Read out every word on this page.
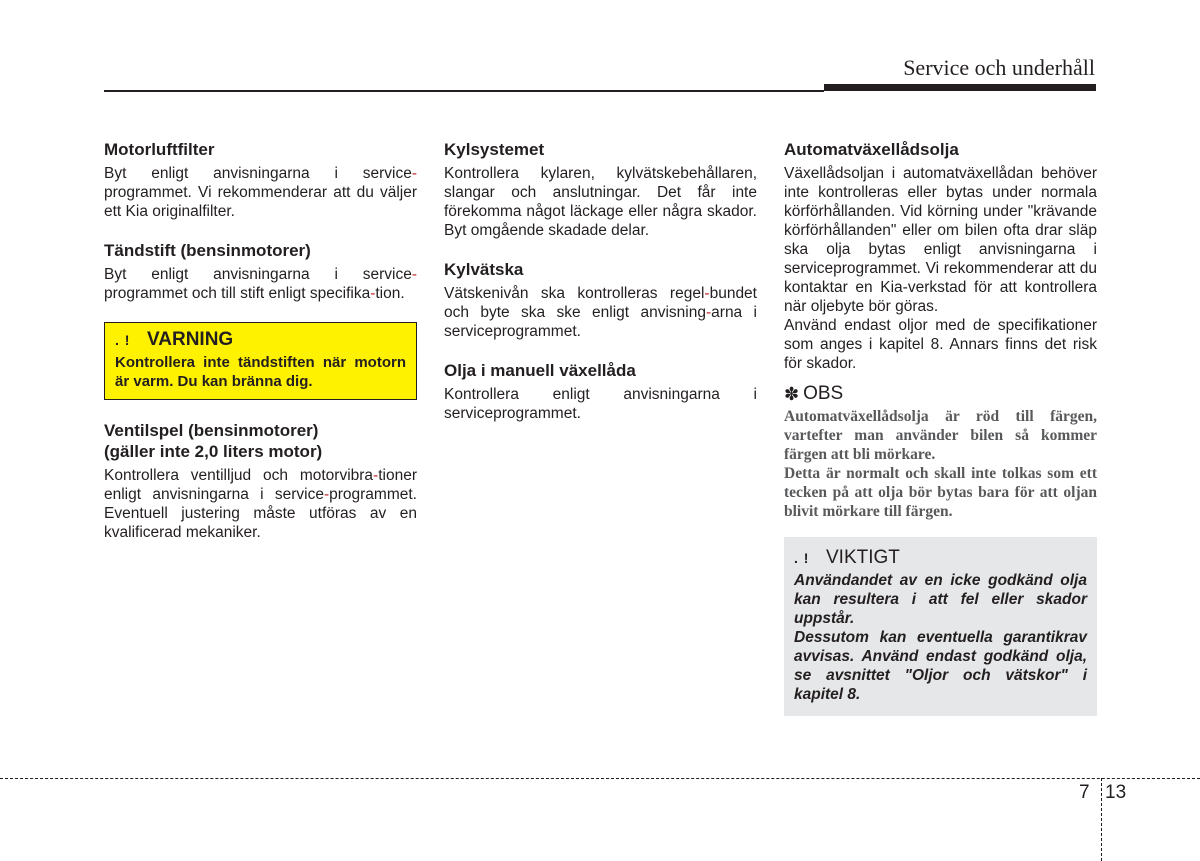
Service och underhåll
Motorluftfilter

Byt enligt anvisningarna i service-programmet. Vi rekommenderar att du väljer ett Kia originalfilter.

Tändstift (bensinmotorer)

Byt enligt anvisningarna i service-programmet och till stift enligt specifika-tion.

. ! VARNING
Kontrollera inte tändstiften när motorn är varm. Du kan bränna dig.
Ventilspel (bensinmotorer)
(gäller inte 2,0 liters motor)

Kontrollera ventilljud och motorvibra-tioner enligt anvisningarna i service-programmet. Eventuell justering måste utföras av en kvalificerad mekaniker.

Kylsystemet

Kontrollera kylaren, kylvätskebehållaren, slangar och anslutningar. Det får inte förekomma något läckage eller några skador. Byt omgående skadade delar.

Kylvätska

Vätskenivån ska kontrolleras regel-bundet och byte ska ske enligt anvisning-arna i serviceprogrammet.

Olja i manuell växellåda

Kontrollera enligt anvisningarna i serviceprogrammet.

Automatväxellådsolja

Växellådsoljan i automatväxellådan behöver inte kontrolleras eller bytas under normala körförhållanden. Vid körning under "krävande körförhållanden" eller om bilen ofta drar släp ska olja bytas enligt anvisningarna i serviceprogrammet. Vi rekommenderar att du kontaktar en Kia-verkstad för att kontrollera när oljebyte bör göras.

Använd endast oljor med de specifikationer som anges i kapitel 8. Annars finns det risk för skador.

✽ OBS

Automatväxellådsolja är röd till färgen, vartefter man använder bilen så kommer färgen att bli mörkare.

Detta är normalt och skall inte tolkas som ett tecken på att olja bör bytas bara för att oljan blivit mörkare till färgen.

. ! VIKTIGT

Användandet av en icke godkänd olja kan resultera i att fel eller skador uppstår.

Dessutom kan eventuella garantikrav avvisas. Använd endast godkänd olja, se avsnittet "Oljor och vätskor" i kapitel 8.

7 13
